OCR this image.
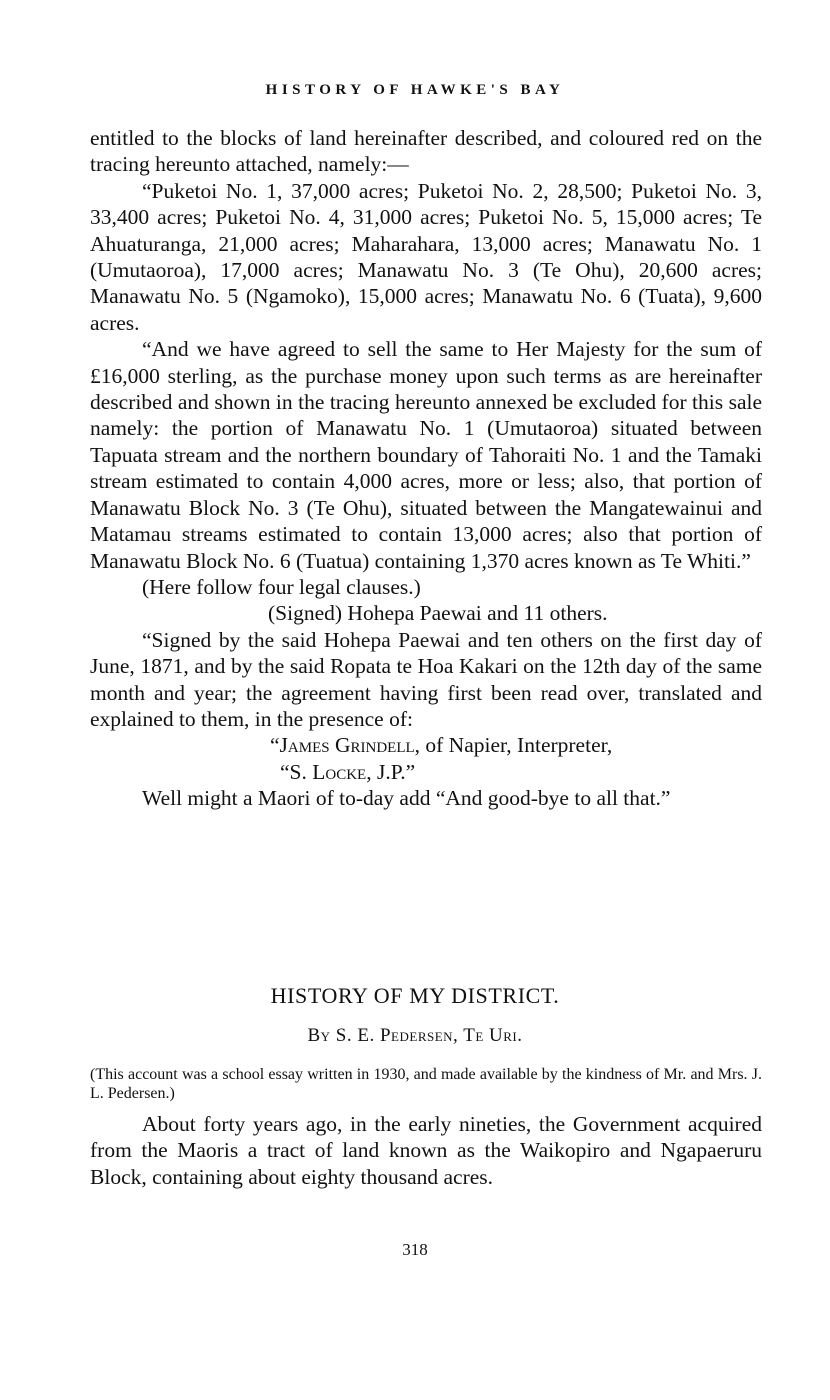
HISTORY OF HAWKE'S BAY

entitled to the blocks of land hereinafter described, and coloured red on the tracing hereunto attached, namely:—

“Puketoi No. 1, 37,000 acres; Puketoi No. 2, 28,500; Puketoi No. 3, 33,400 acres; Puketoi No. 4, 31,000 acres; Puketoi No. 5, 15,000 acres; Te Ahuaturanga, 21,000 acres; Maharahara, 13,000 acres; Manawatu No. 1 (Umutaoroa), 17,000 acres; Manawatu No. 3 (Te Ohu), 20,600 acres; Manawatu No. 5 (Ngamoko), 15,000 acres; Manawatu No. 6 (Tuata), 9,600 acres.

“And we have agreed to sell the same to Her Majesty for the sum of £16,000 sterling, as the purchase money upon such terms as are hereinafter described and shown in the tracing hereunto annexed be excluded for this sale namely: the portion of Manawatu No. 1 (Umutaoroa) situated between Tapuata stream and the northern boundary of Tahoraiti No. 1 and the Tamaki stream estimated to contain 4,000 acres, more or less; also, that portion of Manawatu Block No. 3 (Te Ohu), situated between the Mangatewainui and Matamau streams estimated to contain 13,000 acres; also that portion of Manawatu Block No. 6 (Tuatua) containing 1,370 acres known as Te Whiti.”

(Here follow four legal clauses.)

(Signed) Hohepa Paewai and 11 others.

“Signed by the said Hohepa Paewai and ten others on the first day of June, 1871, and by the said Ropata te Hoa Kakari on the 12th day of the same month and year; the agreement having first been read over, translated and explained to them, in the presence of:

“James Grindell, of Napier, Interpreter,

“S. Locke, J.P.”

Well might a Maori of to-day add “And good-bye to all that.”

HISTORY OF MY DISTRICT.
By S. E. Pedersen, Te Uri.
(This account was a school essay written in 1930, and made available by the kindness of Mr. and Mrs. J. L. Pedersen.)

About forty years ago, in the early nineties, the Government acquired from the Maoris a tract of land known as the Waikopiro and Ngapaeruru Block, containing about eighty thousand acres.

318
